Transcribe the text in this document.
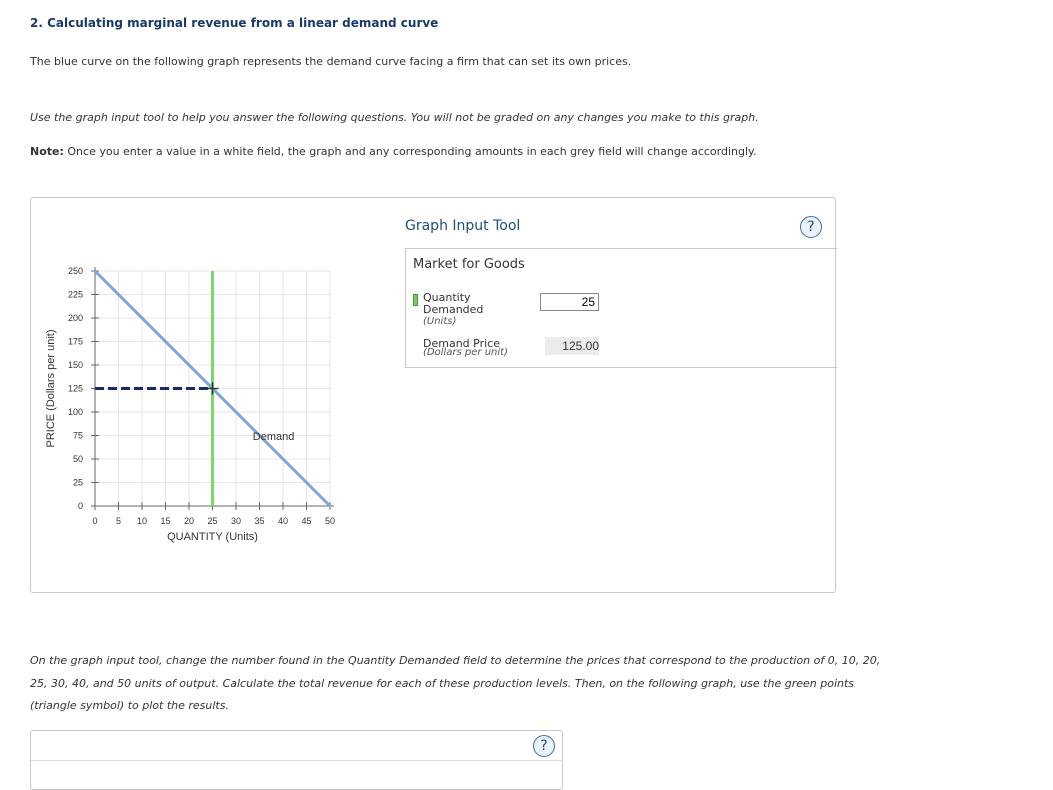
2. Calculating marginal revenue from a linear demand curve
The blue curve on the following graph represents the demand curve facing a firm that can set its own prices.
Use the graph input tool to help you answer the following questions. You will not be graded on any changes you make to this graph.
Note: Once you enter a value in a white field, the graph and any corresponding amounts in each grey field will change accordingly.
0 5 10 15 20 25 30 35 40 45 50
0
25
50
75
100
125
150
175
200
225
250
Demand
QUANTITY (Units)
PRICE (Dollars per unit)
Graph Input Tool	?
Market for Goods
Quantity
Demanded
(Units)
25
Demand Price
(Dollars per unit)	125.00
On the graph input tool, change the number found in the Quantity Demanded field to determine the prices that correspond to the production of 0, 10, 20, 25, 30, 40, and 50 units of output. Calculate the total revenue for each of these production levels. Then, on the following graph, use the green points (triangle symbol) to plot the results.
?
